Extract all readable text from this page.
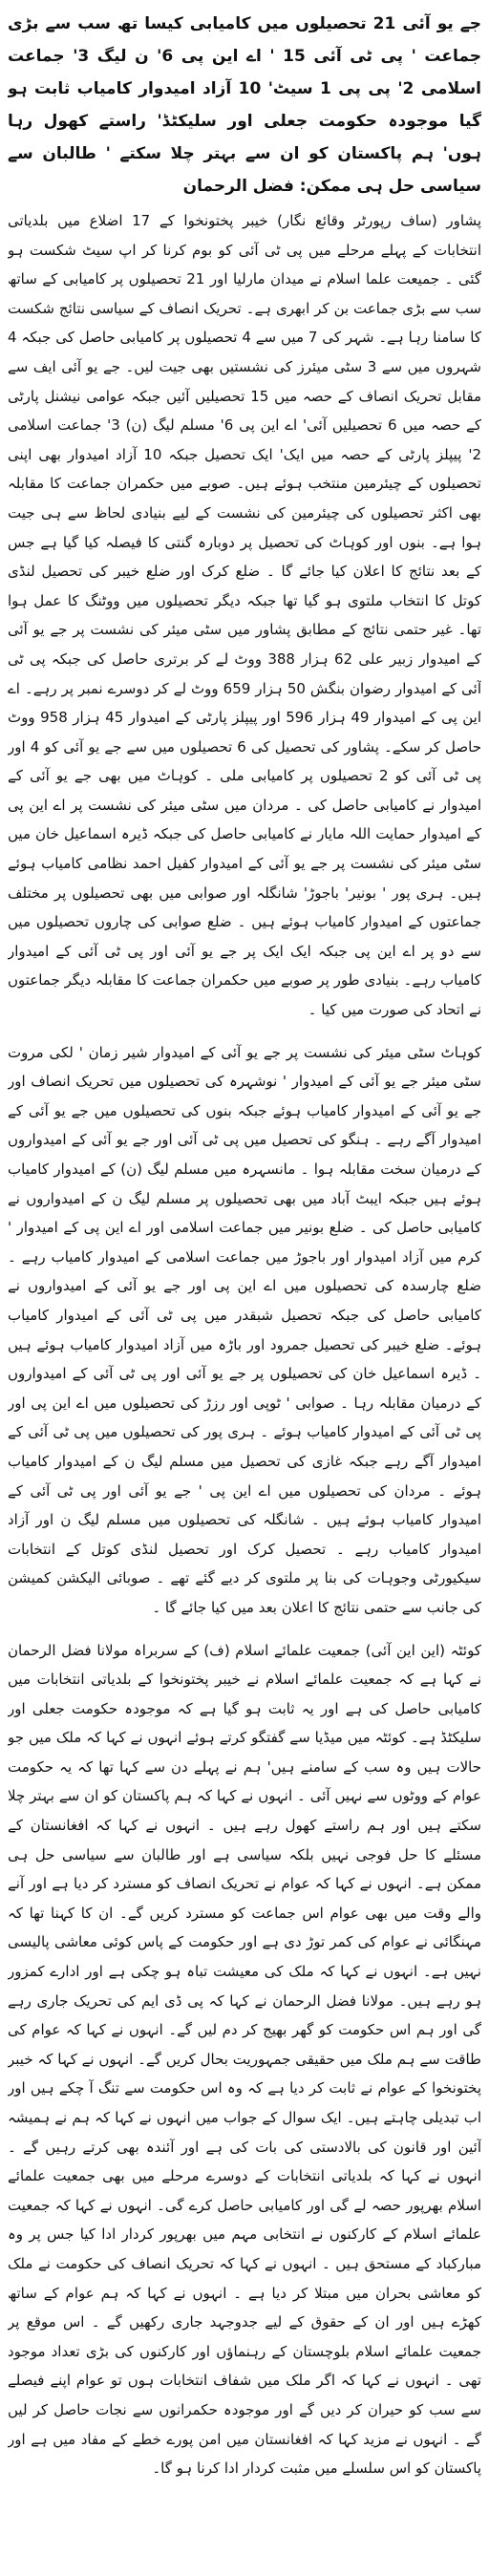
جے یو آئی 21 تحصیلوں میں کامیابی کیسا تھ سب سے بڑی جماعت ' پی ٹی آئی 15 ' اے این پی 6' ن لیگ 3' جماعت اسلامی 2' پی پی 1 سیٹ' 10 آزاد امیدوار کامیاب ثابت ہو گیا موجودہ حکومت جعلی اور سلیکٹڈ' راستے کھول رہا ہوں' ہم پاکستان کو ان سے بہتر چلا سکتے ' طالبان سے سیاسی حل ہی ممکن: فضل الرحمان

پشاور (ساف رپورٹر وقائع نگار) خیبر پختونخوا کے 17 اضلاع میں بلدیاتی انتخابات کے پہلے مرحلے میں پی ٹی آئی کو بوم کرنا کر اپ سیٹ شکست ہو گئی ۔ جمیعت علما اسلام نے میدان مارلیا اور 21 تحصیلوں پر کامیابی کے ساتھ سب سے بڑی جماعت بن کر ابھری ہے۔ تحریک انصاف کے سیاسی نتائج شکست کا سامنا رہا ہے۔ شہر کی 7 میں سے 4 تحصیلوں پر کامیابی حاصل کی جبکہ 4 شہروں میں سے 3 سٹی میئرز کی نشستیں بھی جیت لیں۔ جے یو آئی ایف سے مقابل تحریک انصاف کے حصہ میں 15 تحصیلیں آئیں جبکہ عوامی نیشنل پارٹی کے حصہ میں 6 تحصیلیں آئی' اے این پی 6' مسلم لیگ (ن) 3' جماعت اسلامی 2' پیپلز پارٹی کے حصہ میں ایک' ایک تحصیل جبکہ 10 آزاد امیدوار بھی اپنی تحصیلوں کے چیئرمین منتخب ہوئے ہیں۔ صوبے میں حکمران جماعت کا مقابلہ بھی اکثر تحصیلوں کی چیئرمین کی نشست کے لیے بنیادی لحاظ سے ہی جیت ہوا ہے۔ بنوں اور کوہاٹ کی تحصیل پر دوبارہ گنتی کا فیصلہ کیا گیا ہے جس کے بعد نتائج کا اعلان کیا جائے گا ۔ ضلع کرک اور ضلع خیبر کی تحصیل لنڈی کوتل کا انتخاب ملتوی ہو گیا تھا جبکہ دیگر تحصیلوں میں ووٹنگ کا عمل ہوا تھا۔ غیر حتمی نتائج کے مطابق پشاور میں سٹی میئر کی نشست پر جے یو آئی کے امیدوار زبیر علی 62 ہزار 388 ووٹ لے کر برتری حاصل کی جبکہ پی ٹی آئی کے امیدوار رضوان بنگش 50 ہزار 659 ووٹ لے کر دوسرے نمبر پر رہے۔ اے این پی کے امیدوار 49 ہزار 596 اور پیپلز پارٹی کے امیدوار 45 ہزار 958 ووٹ حاصل کر سکے۔ پشاور کی تحصیل کی 6 تحصیلوں میں سے جے یو آئی کو 4 اور پی ٹی آئی کو 2 تحصیلوں پر کامیابی ملی ۔ کوہاٹ میں بھی جے یو آئی کے امیدوار نے کامیابی حاصل کی ۔ مردان میں سٹی میئر کی نشست پر اے این پی کے امیدوار حمایت اللہ مایار نے کامیابی حاصل کی جبکہ ڈیرہ اسماعیل خان میں سٹی میئر کی نشست پر جے یو آئی کے امیدوار کفیل احمد نظامی کامیاب ہوئے ہیں۔ ہری پور ' بونیر' باجوڑ' شانگلہ اور صوابی میں بھی تحصیلوں پر مختلف جماعتوں کے امیدوار کامیاب ہوئے ہیں ۔ ضلع صوابی کی چاروں تحصیلوں میں سے دو پر اے این پی جبکہ ایک ایک پر جے یو آئی اور پی ٹی آئی کے امیدوار کامیاب رہے۔ بنیادی طور پر صوبے میں حکمران جماعت کا مقابلہ دیگر جماعتوں نے اتحاد کی صورت میں کیا ۔

کوہاٹ سٹی میئر کی نشست پر جے یو آئی کے امیدوار شیر زمان ' لکی مروت سٹی میئر جے یو آئی کے امیدوار ' نوشہرہ کی تحصیلوں میں تحریک انصاف اور جے یو آئی کے امیدوار کامیاب ہوئے جبکہ بنوں کی تحصیلوں میں جے یو آئی کے امیدوار آگے رہے ۔ ہنگو کی تحصیل میں پی ٹی آئی اور جے یو آئی کے امیدواروں کے درمیان سخت مقابلہ ہوا ۔ مانسہرہ میں مسلم لیگ (ن) کے امیدوار کامیاب ہوئے ہیں جبکہ ایبٹ آباد میں بھی تحصیلوں پر مسلم لیگ ن کے امیدواروں نے کامیابی حاصل کی ۔ ضلع بونیر میں جماعت اسلامی اور اے این پی کے امیدوار ' کرم میں آزاد امیدوار اور باجوڑ میں جماعت اسلامی کے امیدوار کامیاب رہے ۔ ضلع چارسدہ کی تحصیلوں میں اے این پی اور جے یو آئی کے امیدواروں نے کامیابی حاصل کی جبکہ تحصیل شبقدر میں پی ٹی آئی کے امیدوار کامیاب ہوئے۔ ضلع خیبر کی تحصیل جمرود اور باڑہ میں آزاد امیدوار کامیاب ہوئے ہیں ۔ ڈیرہ اسماعیل خان کی تحصیلوں پر جے یو آئی اور پی ٹی آئی کے امیدواروں کے درمیان مقابلہ رہا ۔ صوابی ' ٹوپی اور رزڑ کی تحصیلوں میں اے این پی اور پی ٹی آئی کے امیدوار کامیاب ہوئے ۔ ہری پور کی تحصیلوں میں پی ٹی آئی کے امیدوار آگے رہے جبکہ غازی کی تحصیل میں مسلم لیگ ن کے امیدوار کامیاب ہوئے ۔ مردان کی تحصیلوں میں اے این پی ' جے یو آئی اور پی ٹی آئی کے امیدوار کامیاب ہوئے ہیں ۔ شانگلہ کی تحصیلوں میں مسلم لیگ ن اور آزاد امیدوار کامیاب رہے ۔ تحصیل کرک اور تحصیل لنڈی کوتل کے انتخابات سیکیورٹی وجوہات کی بنا پر ملتوی کر دیے گئے تھے ۔ صوبائی الیکشن کمیشن کی جانب سے حتمی نتائج کا اعلان بعد میں کیا جائے گا ۔

کوئٹہ (این این آئی) جمعیت علمائے اسلام (ف) کے سربراہ مولانا فضل الرحمان نے کہا ہے کہ جمعیت علمائے اسلام نے خیبر پختونخوا کے بلدیاتی انتخابات میں کامیابی حاصل کی ہے اور یہ ثابت ہو گیا ہے کہ موجودہ حکومت جعلی اور سلیکٹڈ ہے۔ کوئٹہ میں میڈیا سے گفتگو کرتے ہوئے انہوں نے کہا کہ ملک میں جو حالات ہیں وہ سب کے سامنے ہیں' ہم نے پہلے دن سے کہا تھا کہ یہ حکومت عوام کے ووٹوں سے نہیں آئی ۔ انہوں نے کہا کہ ہم پاکستان کو ان سے بہتر چلا سکتے ہیں اور ہم راستے کھول رہے ہیں ۔ انہوں نے کہا کہ افغانستان کے مسئلے کا حل فوجی نہیں بلکہ سیاسی ہے اور طالبان سے سیاسی حل ہی ممکن ہے۔ انہوں نے کہا کہ عوام نے تحریک انصاف کو مسترد کر دیا ہے اور آنے والے وقت میں بھی عوام اس جماعت کو مسترد کریں گے۔ ان کا کہنا تھا کہ مہنگائی نے عوام کی کمر توڑ دی ہے اور حکومت کے پاس کوئی معاشی پالیسی نہیں ہے۔ انہوں نے کہا کہ ملک کی معیشت تباہ ہو چکی ہے اور ادارے کمزور ہو رہے ہیں۔ مولانا فضل الرحمان نے کہا کہ پی ڈی ایم کی تحریک جاری رہے گی اور ہم اس حکومت کو گھر بھیج کر دم لیں گے۔ انہوں نے کہا کہ عوام کی طاقت سے ہم ملک میں حقیقی جمہوریت بحال کریں گے۔ انہوں نے کہا کہ خیبر پختونخوا کے عوام نے ثابت کر دیا ہے کہ وہ اس حکومت سے تنگ آ چکے ہیں اور اب تبدیلی چاہتے ہیں۔ ایک سوال کے جواب میں انہوں نے کہا کہ ہم نے ہمیشہ آئین اور قانون کی بالادستی کی بات کی ہے اور آئندہ بھی کرتے رہیں گے ۔ انہوں نے کہا کہ بلدیاتی انتخابات کے دوسرے مرحلے میں بھی جمعیت علمائے اسلام بھرپور حصہ لے گی اور کامیابی حاصل کرے گی۔ انہوں نے کہا کہ جمعیت علمائے اسلام کے کارکنوں نے انتخابی مہم میں بھرپور کردار ادا کیا جس پر وہ مبارکباد کے مستحق ہیں ۔ انہوں نے کہا کہ تحریک انصاف کی حکومت نے ملک کو معاشی بحران میں مبتلا کر دیا ہے ۔ انہوں نے کہا کہ ہم عوام کے ساتھ کھڑے ہیں اور ان کے حقوق کے لیے جدوجہد جاری رکھیں گے ۔ اس موقع پر جمعیت علمائے اسلام بلوچستان کے رہنماؤں اور کارکنوں کی بڑی تعداد موجود تھی ۔ انہوں نے کہا کہ اگر ملک میں شفاف انتخابات ہوں تو عوام اپنے فیصلے سے سب کو حیران کر دیں گے اور موجودہ حکمرانوں سے نجات حاصل کر لیں گے ۔ انہوں نے مزید کہا کہ افغانستان میں امن پورے خطے کے مفاد میں ہے اور پاکستان کو اس سلسلے میں مثبت کردار ادا کرنا ہو گا۔
